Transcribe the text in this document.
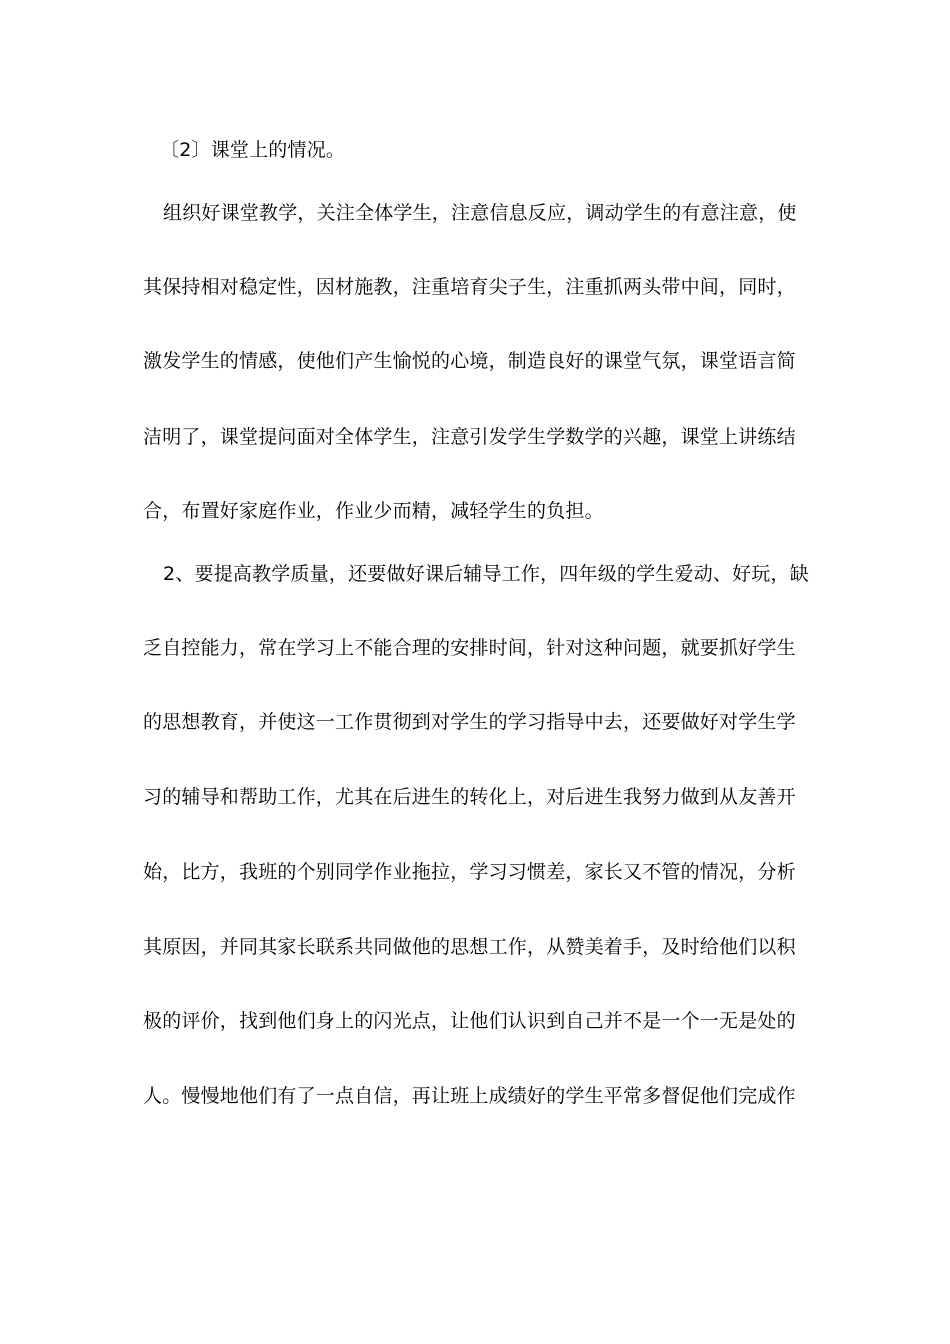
〔2〕课堂上的情况。
组织好课堂教学，关注全体学生，注意信息反应，调动学生的有意注意，使
其保持相对稳定性，因材施教，注重培育尖子生，注重抓两头带中间，同时，
激发学生的情感，使他们产生愉悦的心境，制造良好的课堂气氛，课堂语言简
洁明了，课堂提问面对全体学生，注意引发学生学数学的兴趣，课堂上讲练结
合，布置好家庭作业，作业少而精，减轻学生的负担。
2、要提高教学质量，还要做好课后辅导工作，四年级的学生爱动、好玩，缺
乏自控能力，常在学习上不能合理的安排时间，针对这种问题，就要抓好学生
的思想教育，并使这一工作贯彻到对学生的学习指导中去，还要做好对学生学
习的辅导和帮助工作，尤其在后进生的转化上，对后进生我努力做到从友善开
始，比方，我班的个别同学作业拖拉，学习习惯差，家长又不管的情况，分析
其原因，并同其家长联系共同做他的思想工作，从赞美着手，及时给他们以积
极的评价，找到他们身上的闪光点，让他们认识到自己并不是一个一无是处的
人。慢慢地他们有了一点自信，再让班上成绩好的学生平常多督促他们完成作
